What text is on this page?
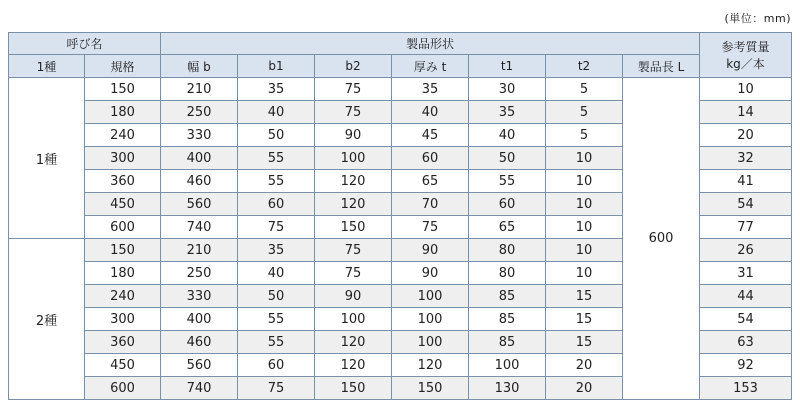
(単位：mm)
呼び名		製品形状							参考質量
kg／本

1種	規格	幅 b	b1	b2	厚み t	t1	t2	製品長 L	
1種	150	210	35	75	35	30	5	600	10
	180	250	40	75	40	35	5		14
	240	330	50	90	45	40	5		20
	300	400	55	100	60	50	10		32
	360	460	55	120	65	55	10		41
	450	560	60	120	70	60	10		54
	600	740	75	150	75	65	10		77
2種	150	210	35	75	90	80	10		26
	180	250	40	75	90	80	10		31
	240	330	50	90	100	85	15		44
	300	400	55	100	100	85	15		54
	360	460	55	120	100	85	15		63
	450	560	60	120	120	100	20		92
	600	740	75	150	150	130	20		153
